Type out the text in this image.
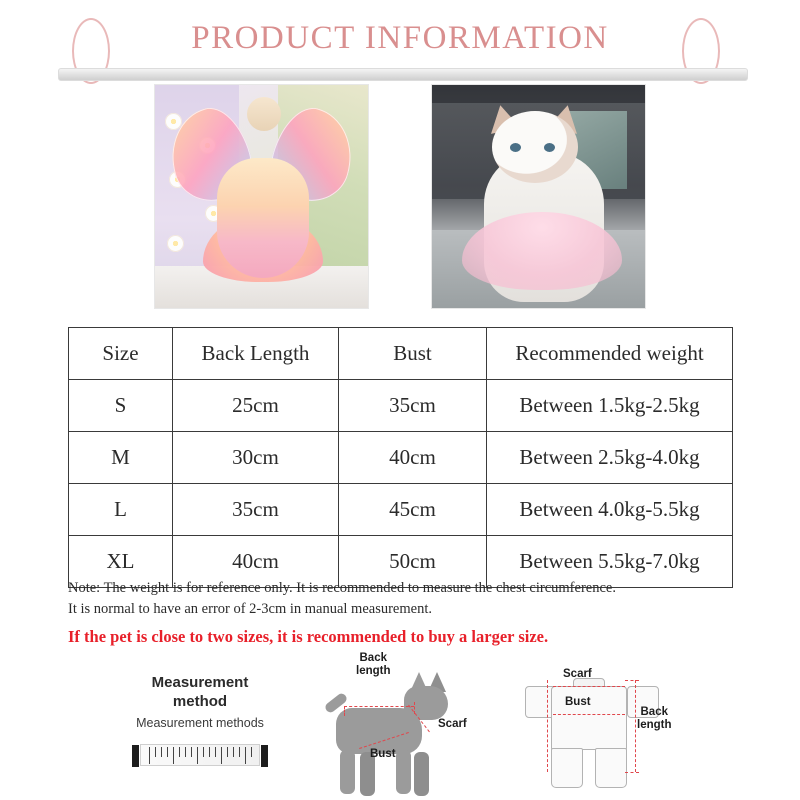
PRODUCT INFORMATION
Size	Back Length	Bust	Recommended weight
S	25cm	35cm	Between 1.5kg-2.5kg
M	30cm	40cm	Between 2.5kg-4.0kg
L	35cm	45cm	Between 4.0kg-5.5kg
XL	40cm	50cm	Between 5.5kg-7.0kg
Note: The weight is for reference only. It is recommended to measure the chest circumference.
It is normal to have an error of 2-3cm in manual measurement.
If the pet is close to two sizes, it is recommended to buy a larger size.
Measurement
method
Measurement methods
Back
length
Scarf
Bust
Scarf
Bust
Back
length
